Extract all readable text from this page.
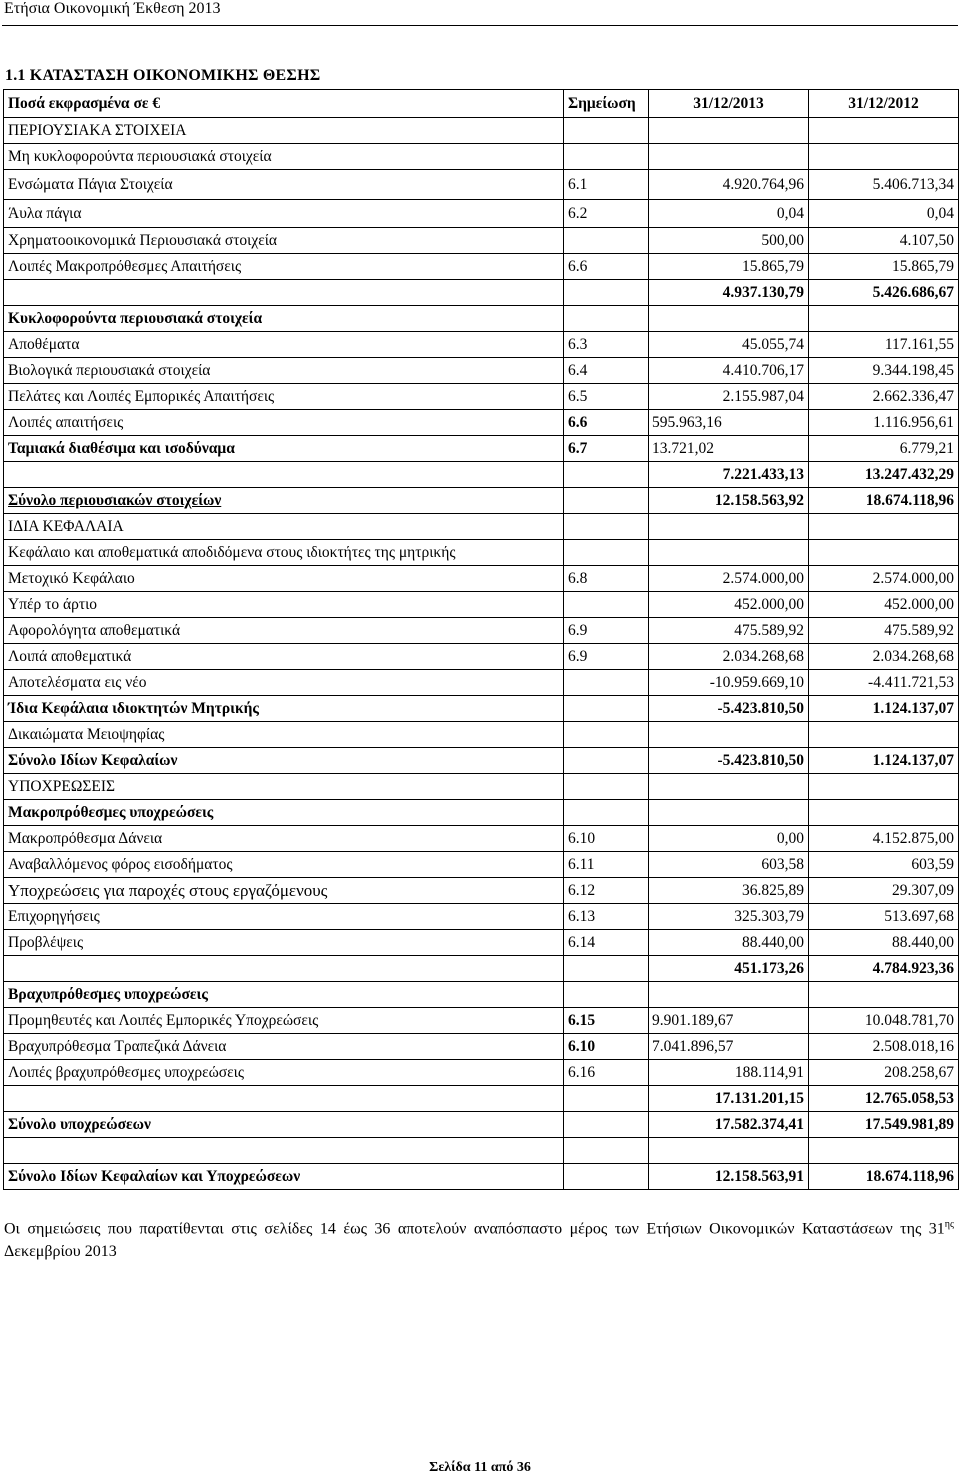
Ετήσια Οικονομική Έκθεση 2013
1.1 ΚΑΤΑΣΤΑΣΗ ΟΙΚΟΝΟΜΙΚΗΣ ΘΕΣΗΣ
Ποσά εκφρασμένα σε €	Σημείωση	31/12/2013	31/12/2012
ΠΕΡΙΟΥΣΙΑΚΑ ΣΤΟΙΧΕΙΑ			
Μη κυκλοφορούντα περιουσιακά στοιχεία			
Ενσώματα Πάγια Στοιχεία	6.1	4.920.764,96	5.406.713,34
Άυλα πάγια	6.2	0,04	0,04
Χρηματοοικονομικά Περιουσιακά στοιχεία		500,00	4.107,50
Λοιπές Μακροπρόθεσμες Απαιτήσεις	6.6	15.865,79	15.865,79
		4.937.130,79	5.426.686,67
Κυκλοφορούντα περιουσιακά στοιχεία			
Αποθέματα	6.3	45.055,74	117.161,55
Βιολογικά περιουσιακά στοιχεία	6.4	4.410.706,17	9.344.198,45
Πελάτες και Λοιπές Εμπορικές Απαιτήσεις	6.5	2.155.987,04	2.662.336,47
Λοιπές απαιτήσεις	6.6	595.963,16	1.116.956,61
Ταμιακά διαθέσιμα και ισοδύναμα	6.7	13.721,02	6.779,21
		7.221.433,13	13.247.432,29
Σύνολο περιουσιακών στοιχείων		12.158.563,92	18.674.118,96
ΙΔΙΑ ΚΕΦΑΛΑΙΑ			
Κεφάλαιο και αποθεματικά αποδιδόμενα στους ιδιοκτήτες της μητρικής			
Μετοχικό Κεφάλαιο	6.8	2.574.000,00	2.574.000,00
Υπέρ το άρτιο		452.000,00	452.000,00
Αφορολόγητα αποθεματικά	6.9	475.589,92	475.589,92
Λοιπά αποθεματικά	6.9	2.034.268,68	2.034.268,68
Αποτελέσματα εις νέο		-10.959.669,10	-4.411.721,53
Ίδια Κεφάλαια ιδιοκτητών Μητρικής		-5.423.810,50	1.124.137,07
Δικαιώματα Μειοψηφίας			
Σύνολο Ιδίων Κεφαλαίων		-5.423.810,50	1.124.137,07
ΥΠΟΧΡΕΩΣΕΙΣ			
Μακροπρόθεσμες υποχρεώσεις			
Μακροπρόθεσμα Δάνεια	6.10	0,00	4.152.875,00
Αναβαλλόμενος φόρος εισοδήματος	6.11	603,58	603,59
Υποχρεώσεις για παροχές στους εργαζόμενους	6.12	36.825,89	29.307,09
Επιχορηγήσεις	6.13	325.303,79	513.697,68
Προβλέψεις	6.14	88.440,00	88.440,00
		451.173,26	4.784.923,36
Βραχυπρόθεσμες υποχρεώσεις			
Προμηθευτές και Λοιπές Εμπορικές Υποχρεώσεις	6.15	9.901.189,67	10.048.781,70
Βραχυπρόθεσμα Τραπεζικά Δάνεια	6.10	7.041.896,57	2.508.018,16
Λοιπές βραχυπρόθεσμες υποχρεώσεις	6.16	188.114,91	208.258,67
		17.131.201,15	12.765.058,53
Σύνολο υποχρεώσεων		17.582.374,41	17.549.981,89

Σύνολο Ιδίων Κεφαλαίων και Υποχρεώσεων		12.158.563,91	18.674.118,96
Οι σημειώσεις που παρατίθενται στις σελίδες 14 έως 36 αποτελούν αναπόσπαστο μέρος των Ετήσιων Οικονομικών Καταστάσεων της $31^{\eta\varsigma}$ Δεκεμβρίου 2013
Σελίδα 11 από 36
